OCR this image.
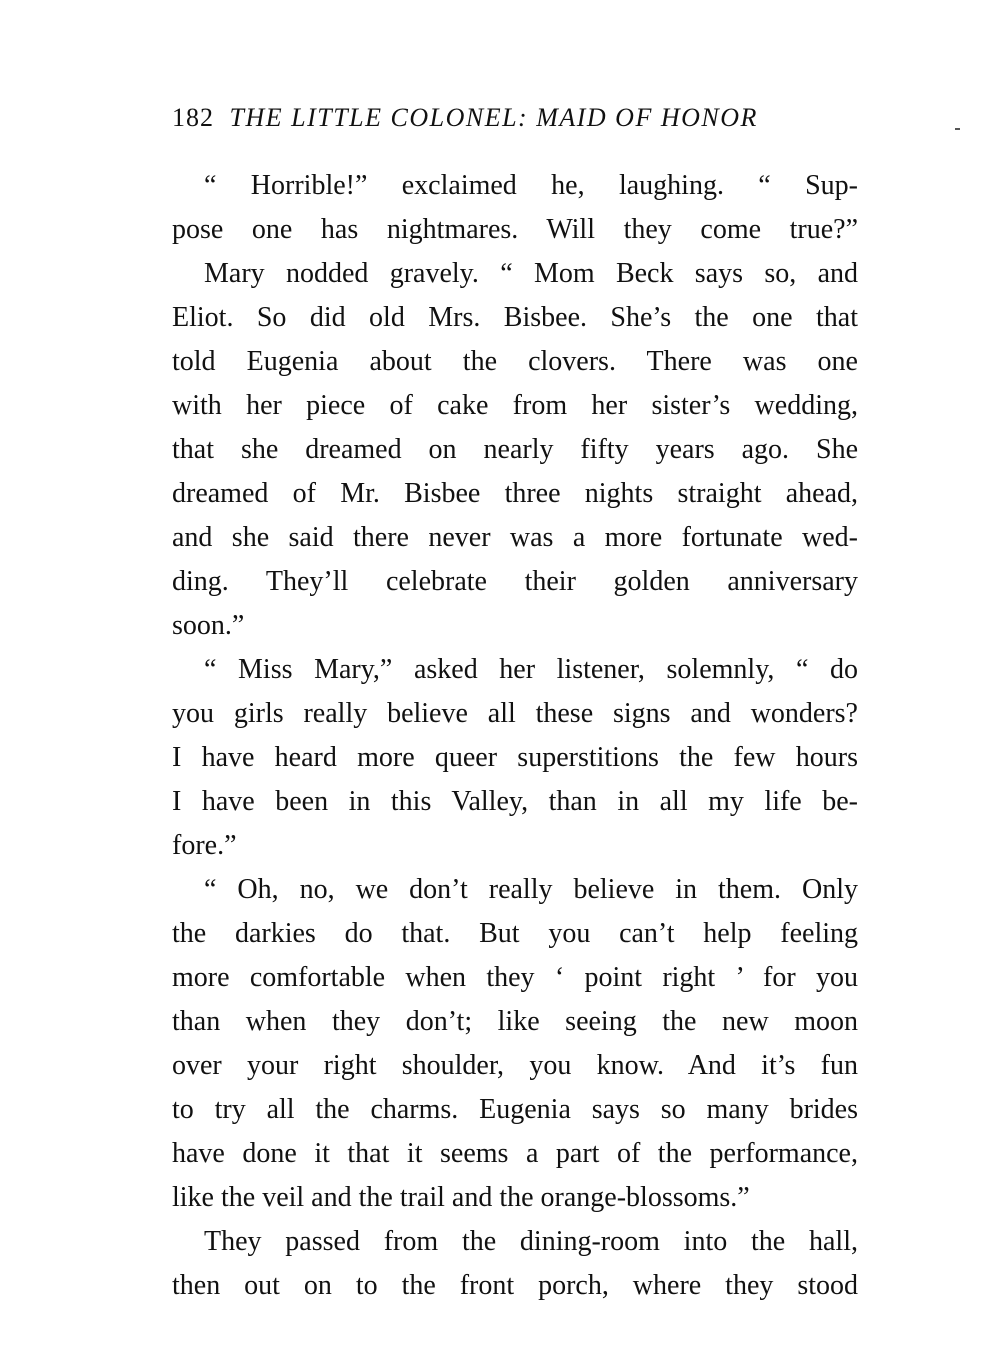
182 THE LITTLE COLONEL: MAID OF HONOR
“ Horrible!” exclaimed he, laughing. “ Sup-
pose one has nightmares. Will they come true?”
Mary nodded gravely. “ Mom Beck says so, and
Eliot. So did old Mrs. Bisbee. She’s the one that
told Eugenia about the clovers. There was one
with her piece of cake from her sister’s wedding,
that she dreamed on nearly fifty years ago. She
dreamed of Mr. Bisbee three nights straight ahead,
and she said there never was a more fortunate wed-
ding. They’ll celebrate their golden anniversary
soon.”
“ Miss Mary,” asked her listener, solemnly, “ do
you girls really believe all these signs and wonders?
I have heard more queer superstitions the few hours
I have been in this Valley, than in all my life be-
fore.”
“ Oh, no, we don’t really believe in them. Only
the darkies do that. But you can’t help feeling
more comfortable when they ‘ point right ’ for you
than when they don’t; like seeing the new moon
over your right shoulder, you know. And it’s fun
to try all the charms. Eugenia says so many brides
have done it that it seems a part of the performance,
like the veil and the trail and the orange-blossoms.”
They passed from the dining-room into the hall,
then out on to the front porch, where they stood
